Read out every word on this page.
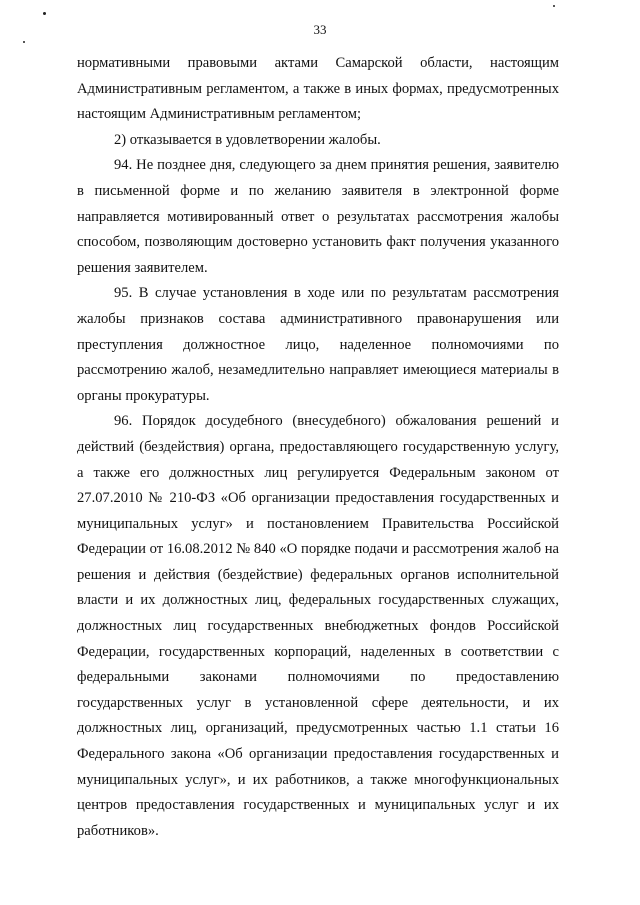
33

нормативными правовыми актами Самарской области, настоящим Административным регламентом, а также в иных формах, предусмотренных настоящим Административным регламентом;

2) отказывается в удовлетворении жалобы.

94. Не позднее дня, следующего за днем принятия решения, заявителю в письменной форме и по желанию заявителя в электронной форме направляется мотивированный ответ о результатах рассмотрения жалобы способом, позволяющим достоверно установить факт получения указанного решения заявителем.

95. В случае установления в ходе или по результатам рассмотрения жалобы признаков состава административного правонарушения или преступления должностное лицо, наделенное полномочиями по рассмотрению жалоб, незамедлительно направляет имеющиеся материалы в органы прокуратуры.

96. Порядок досудебного (внесудебного) обжалования решений и действий (бездействия) органа, предоставляющего государственную услугу, а также его должностных лиц регулируется Федеральным законом от 27.07.2010 № 210-ФЗ «Об организации предоставления государственных и муниципальных услуг» и постановлением Правительства Российской Федерации от 16.08.2012 № 840 «О порядке подачи и рассмотрения жалоб на решения и действия (бездействие) федеральных органов исполнительной власти и их должностных лиц, федеральных государственных служащих, должностных лиц государственных внебюджетных фондов Российской Федерации, государственных корпораций, наделенных в соответствии с федеральными законами полномочиями по предоставлению государственных услуг в установленной сфере деятельности, и их должностных лиц, организаций, предусмотренных частью 1.1 статьи 16 Федерального закона «Об организации предоставления государственных и муниципальных услуг», и их работников, а также многофункциональных центров предоставления государственных и муниципальных услуг и их работников».
